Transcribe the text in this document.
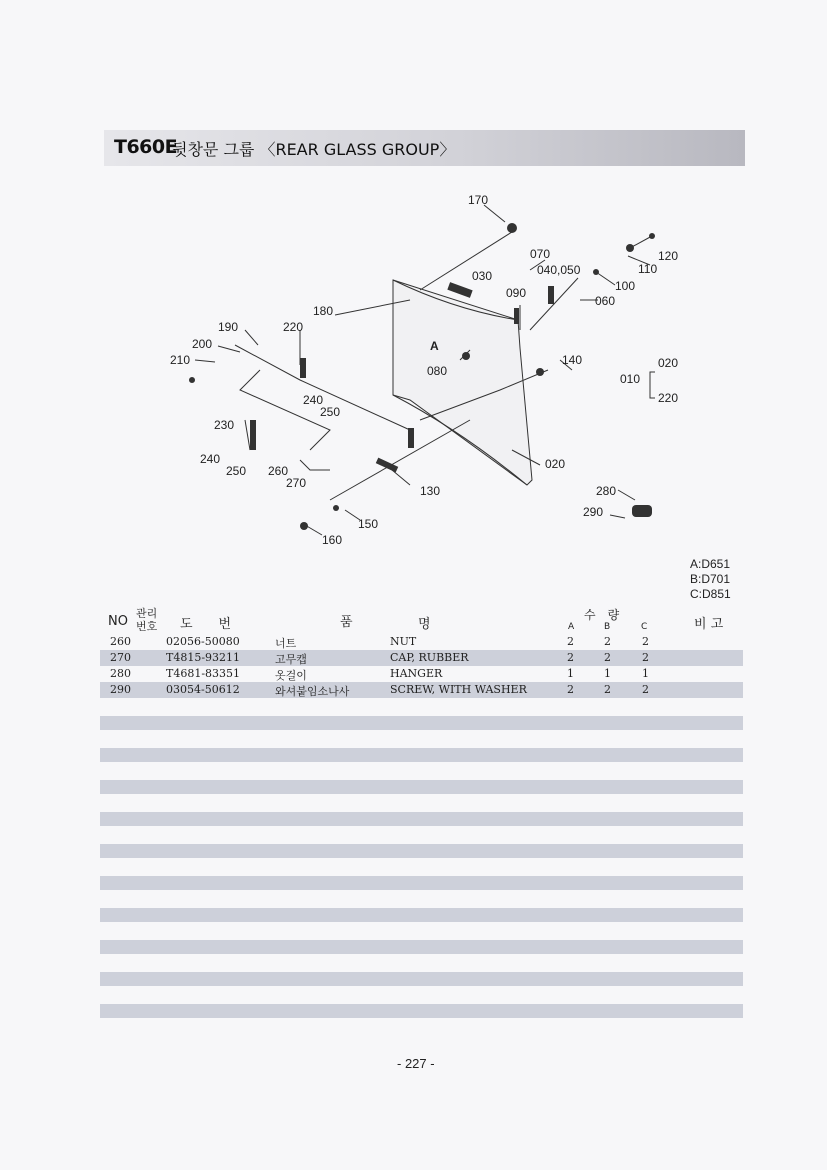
T660E
뒷창문 그룹 〈REAR GLASS GROUP〉
170
070
040,050
120
110
030
100
090
060
180
190	220
200
210
A
140	020
010
220
080
240
250
230
240
250 260
270
130	280
290
150
160
020
A:D651
B:D701
C:D851
NO
관리
번호 도　　번	품	명
수　량
A	B	C	비 고
260	02056-50080	너트	NUT	2	2	2
270	T4815-93211	고무캡	CAP, RUBBER	2	2	2
280	T4681-83351	옷걸이	HANGER	1	1	1
290	03054-50612	와셔붙임소나사	SCREW, WITH WASHER	2	2	2
- 227 -
